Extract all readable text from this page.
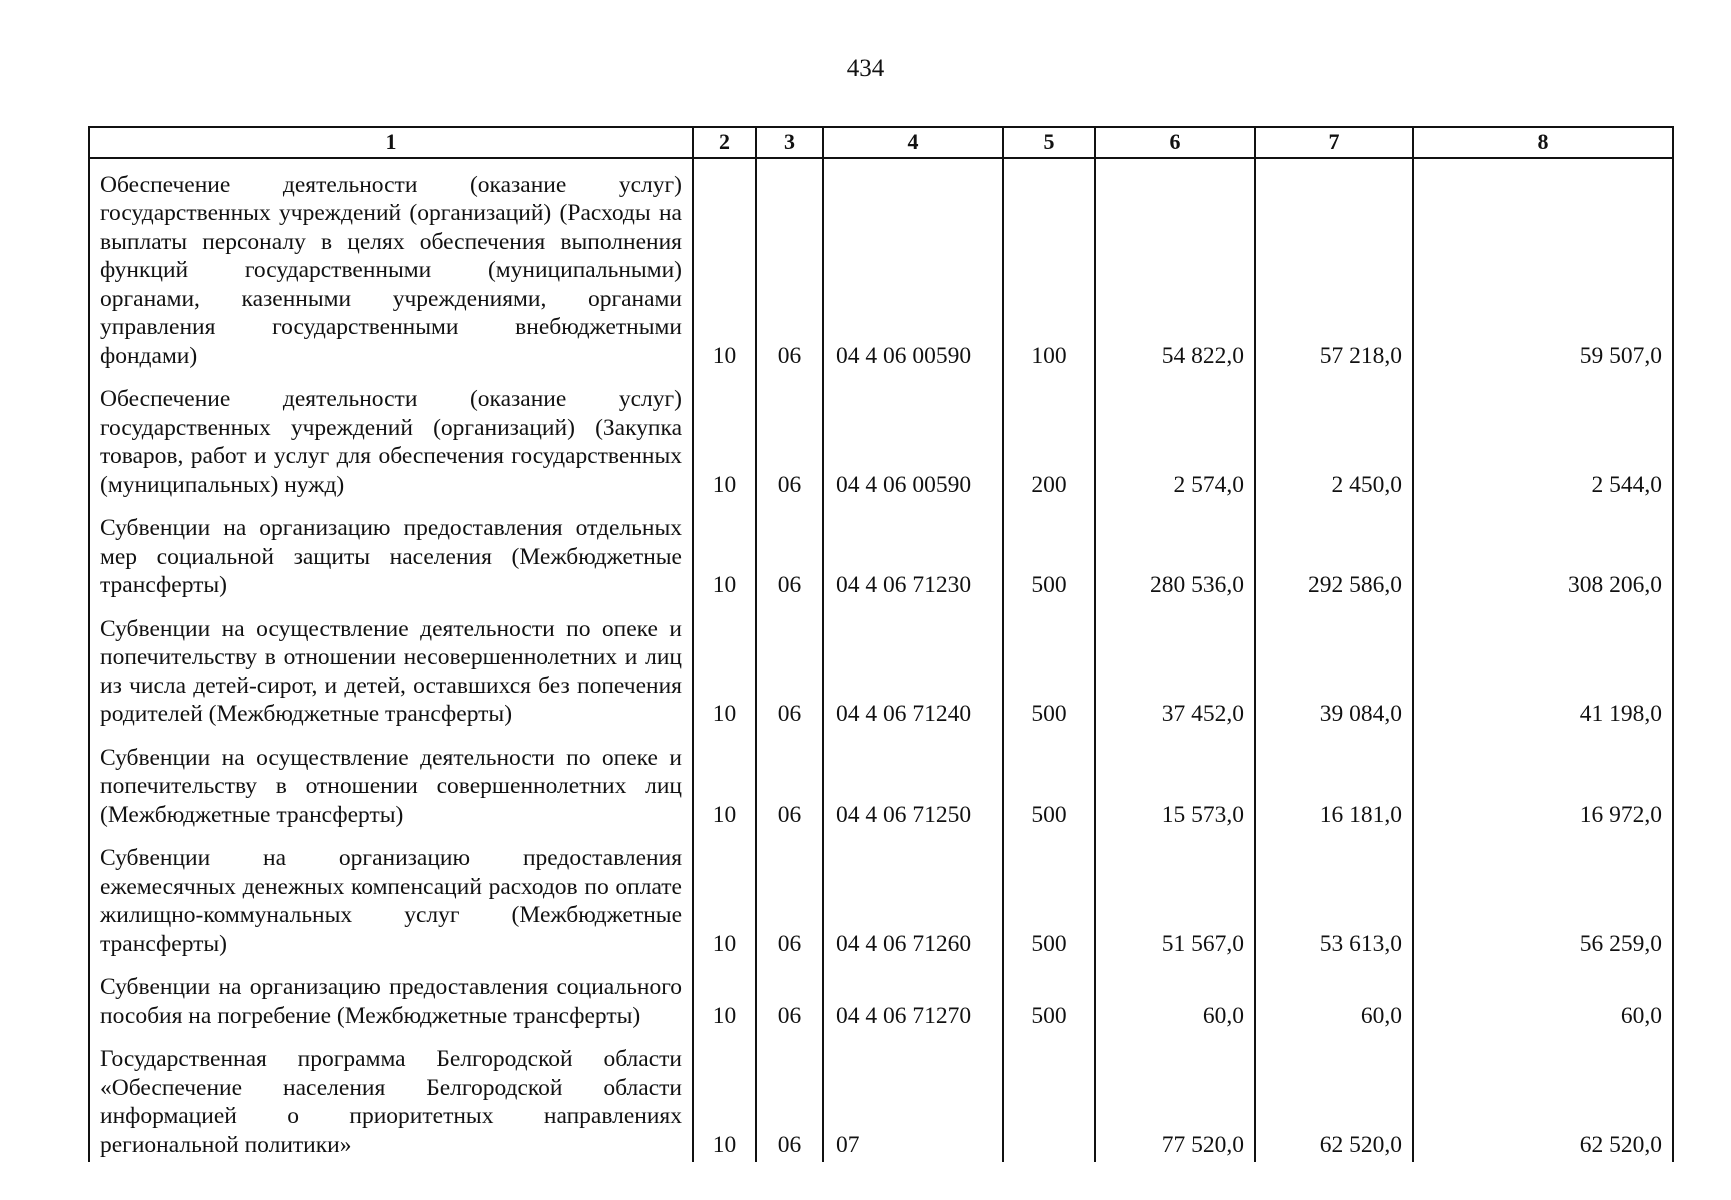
434
1	2	3	4	5	6	7	8
Обеспечение деятельности (оказание услуг) государственных учреждений (организаций) (Расходы на выплаты персоналу в целях обеспечения выполнения функций государственными (муниципальными) органами, казенными учреждениями, органами управления государственными внебюджетными фондами)	10	06	04 4 06 00590	100	54 822,0	57 218,0	59 507,0
Обеспечение деятельности (оказание услуг) государственных учреждений (организаций) (Закупка товаров, работ и услуг для обеспечения государственных (муниципальных) нужд)	10	06	04 4 06 00590	200	2 574,0	2 450,0	2 544,0
Субвенции на организацию предоставления отдельных мер социальной защиты населения (Межбюджетные трансферты)	10	06	04 4 06 71230	500	280 536,0	292 586,0	308 206,0
Субвенции на осуществление деятельности по опеке и попечительству в отношении несовершеннолетних и лиц из числа детей-сирот, и детей, оставшихся без попечения родителей (Межбюджетные трансферты)	10	06	04 4 06 71240	500	37 452,0	39 084,0	41 198,0
Субвенции на осуществление деятельности по опеке и попечительству в отношении совершеннолетних лиц (Межбюджетные трансферты)	10	06	04 4 06 71250	500	15 573,0	16 181,0	16 972,0
Субвенции на организацию предоставления ежемесячных денежных компенсаций расходов по оплате жилищно-коммунальных услуг (Межбюджетные трансферты)	10	06	04 4 06 71260	500	51 567,0	53 613,0	56 259,0
Субвенции на организацию предоставления социального пособия на погребение (Межбюджетные трансферты)	10	06	04 4 06 71270	500	60,0	60,0	60,0
Государственная программа Белгородской области «Обеспечение населения Белгородской области информацией о приоритетных направлениях региональной политики»	10	06	07		77 520,0	62 520,0	62 520,0
